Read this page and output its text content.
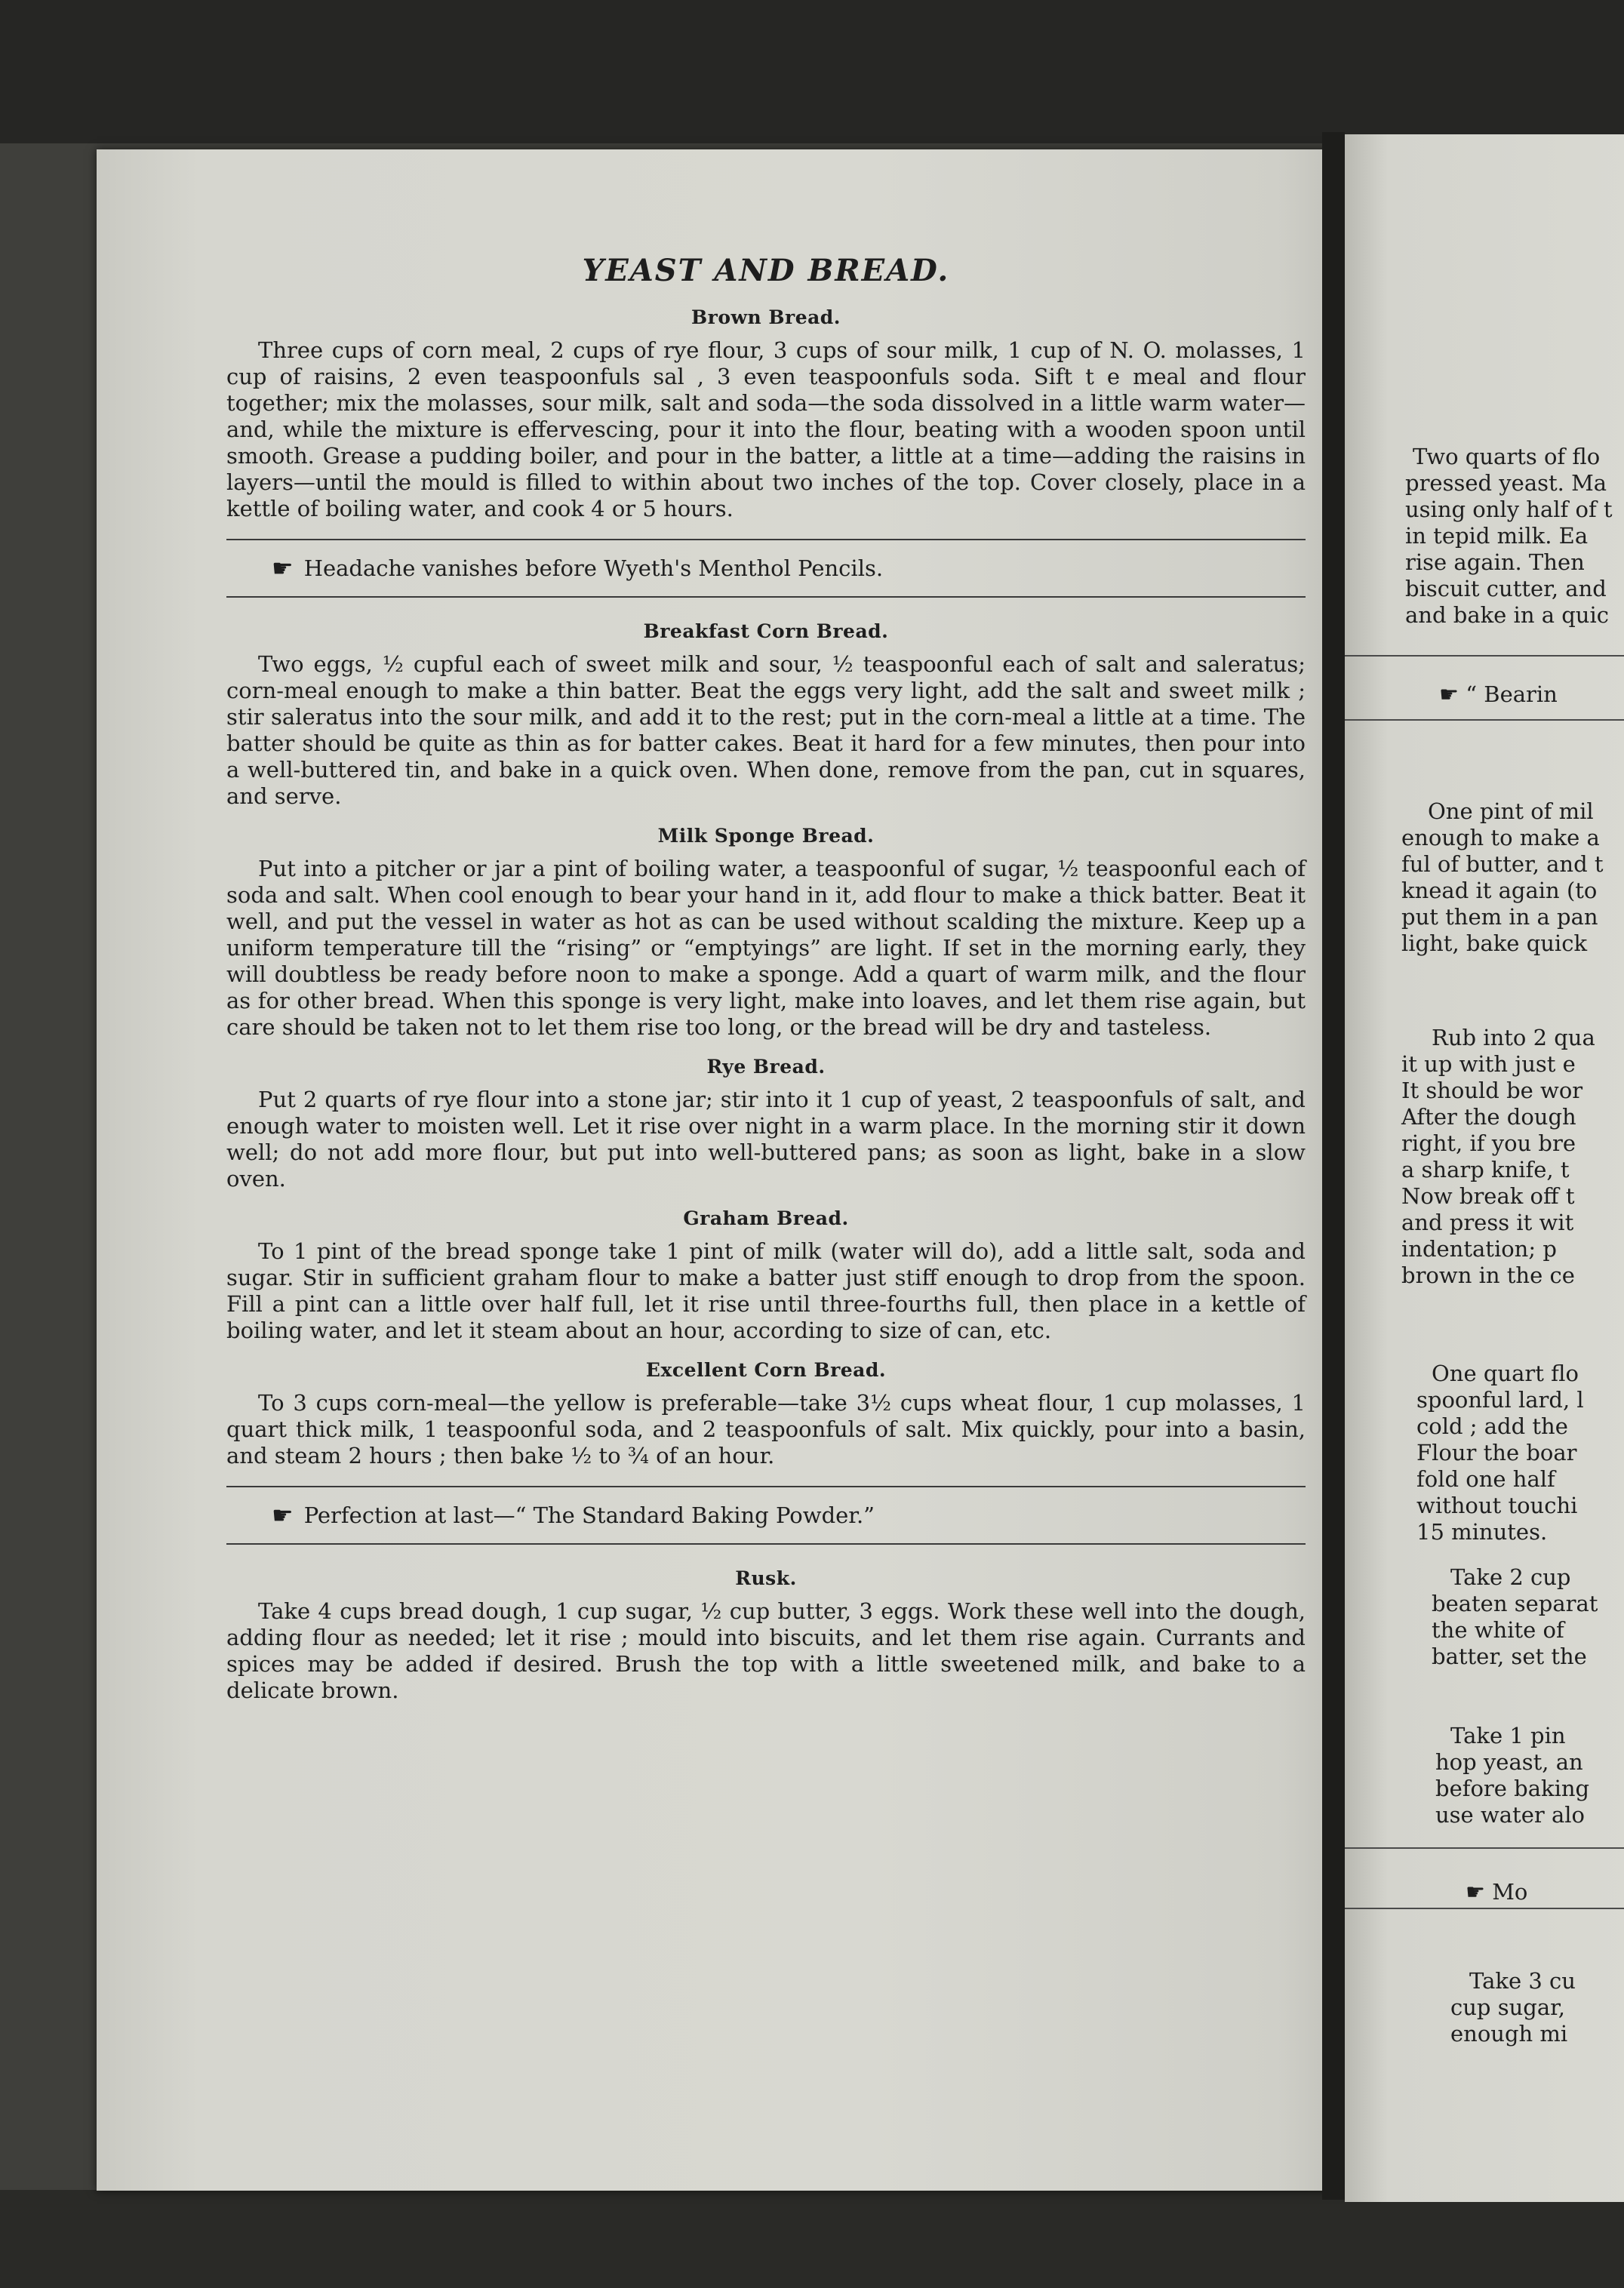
Two quarts of flo
pressed yeast. Ma
using only half of t
in tepid milk. Ea
rise again. Then
biscuit cutter, and
and bake in a quic
☛ “ Bearin
One pint of mil
enough to make a
ful of butter, and t
knead it again (to
put them in a pan
light, bake quick
Rub into 2 qua
it up with just e
It should be wor
After the dough
right, if you bre
a sharp knife, t
Now break off t
and press it wit
indentation; p
brown in the ce
One quart flo
spoonful lard, l
cold ; add the
Flour the boar
fold one half
without touchi
15 minutes.
Take 2 cup
beaten separat
the white of
batter, set the
Take 1 pin
hop yeast, an
before baking
use water alo
☛ Mo
Take 3 cu
cup sugar,
enough mi
YEAST AND BREAD.
Brown Bread.

Three cups of corn meal, 2 cups of rye flour, 3 cups of sour milk, 1 cup of N. O. molasses, 1 cup of raisins, 2 even teaspoonfuls sal , 3 even teaspoonfuls soda. Sift t e meal and flour together; mix the molasses, sour milk, salt and soda—the soda dissolved in a little warm water—and, while the mixture is effervescing, pour it into the flour, beating with a wooden spoon until smooth. Grease a pudding boiler, and pour in the batter, a little at a time—adding the raisins in layers—until the mould is filled to within about two inches of the top. Cover closely, place in a kettle of boiling water, and cook 4 or 5 hours.

☛ Headache vanishes before Wyeth's Menthol Pencils.
Breakfast Corn Bread.

Two eggs, ½ cupful each of sweet milk and sour, ½ teaspoonful each of salt and saleratus; corn-meal enough to make a thin batter. Beat the eggs very light, add the salt and sweet milk ; stir saleratus into the sour milk, and add it to the rest; put in the corn-meal a little at a time. The batter should be quite as thin as for batter cakes. Beat it hard for a few minutes, then pour into a well-buttered tin, and bake in a quick oven. When done, remove from the pan, cut in squares, and serve.

Milk Sponge Bread.

Put into a pitcher or jar a pint of boiling water, a teaspoonful of sugar, ½ teaspoonful each of soda and salt. When cool enough to bear your hand in it, add flour to make a thick batter. Beat it well, and put the vessel in water as hot as can be used without scalding the mixture. Keep up a uniform temperature till the “rising” or “emptyings” are light. If set in the morning early, they will doubtless be ready before noon to make a sponge. Add a quart of warm milk, and the flour as for other bread. When this sponge is very light, make into loaves, and let them rise again, but care should be taken not to let them rise too long, or the bread will be dry and tasteless.

Rye Bread.

Put 2 quarts of rye flour into a stone jar; stir into it 1 cup of yeast, 2 teaspoonfuls of salt, and enough water to moisten well. Let it rise over night in a warm place. In the morning stir it down well; do not add more flour, but put into well-buttered pans; as soon as light, bake in a slow oven.

Graham Bread.

To 1 pint of the bread sponge take 1 pint of milk (water will do), add a little salt, soda and sugar. Stir in sufficient graham flour to make a batter just stiff enough to drop from the spoon. Fill a pint can a little over half full, let it rise until three-fourths full, then place in a kettle of boiling water, and let it steam about an hour, according to size of can, etc.

Excellent Corn Bread.

To 3 cups corn-meal—the yellow is preferable—take 3½ cups wheat flour, 1 cup molasses, 1 quart thick milk, 1 teaspoonful soda, and 2 teaspoonfuls of salt. Mix quickly, pour into a basin, and steam 2 hours ; then bake ½ to ¾ of an hour.

☛ Perfection at last—“ The Standard Baking Powder.”
Rusk.

Take 4 cups bread dough, 1 cup sugar, ½ cup butter, 3 eggs. Work these well into the dough, adding flour as needed; let it rise ; mould into biscuits, and let them rise again. Currants and spices may be added if desired. Brush the top with a little sweetened milk, and bake to a delicate brown.
